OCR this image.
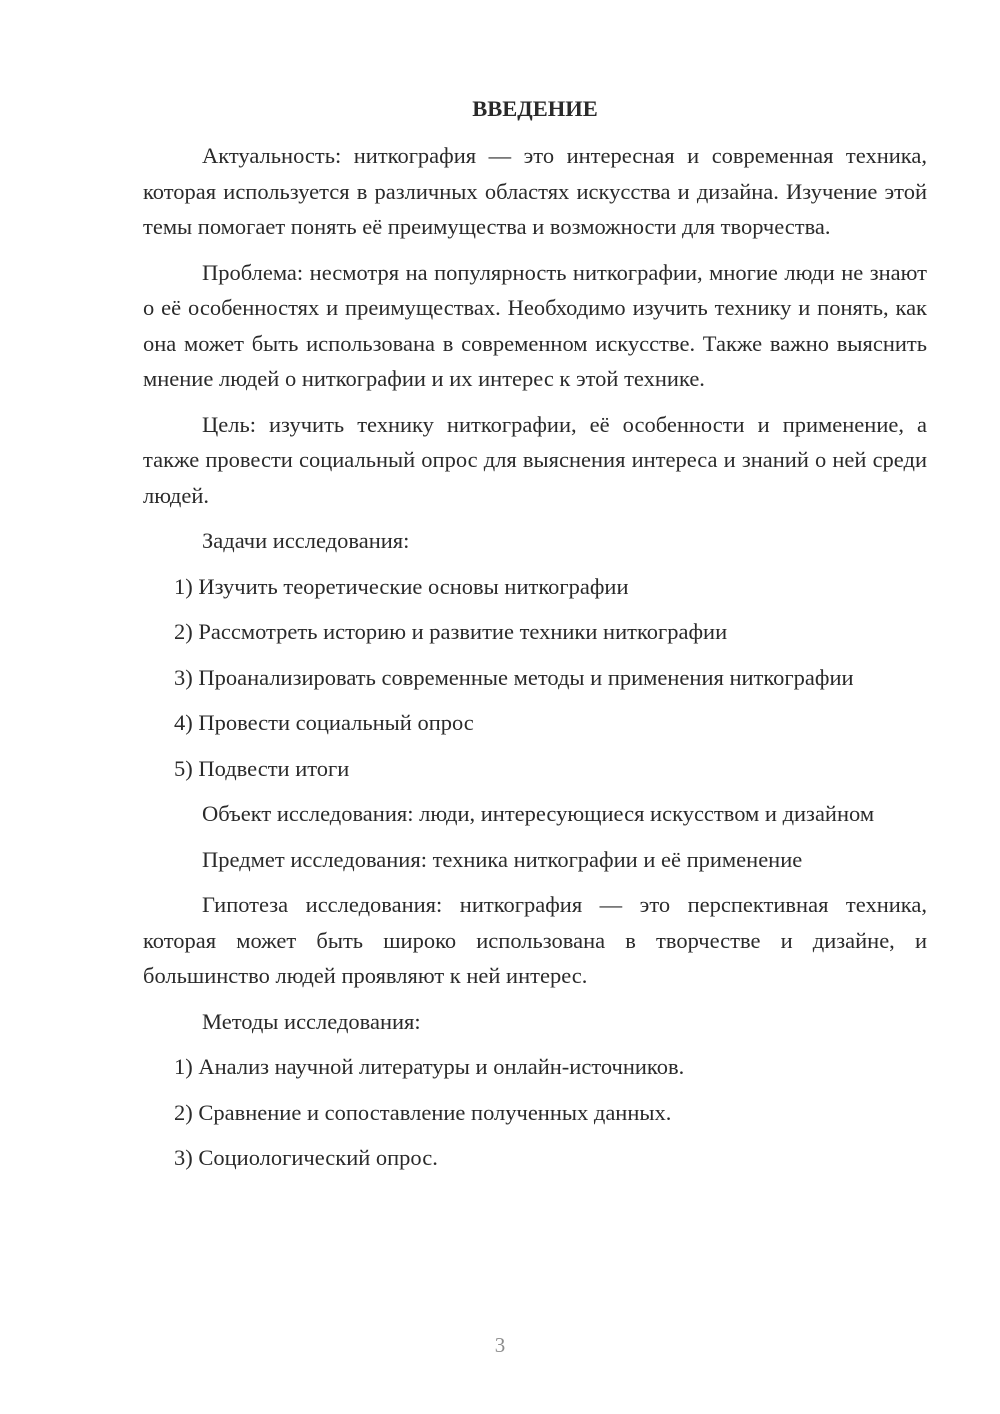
ВВЕДЕНИЕ

Актуальность: ниткография — это интересная и современная техника, которая используется в различных областях искусства и дизайна. Изучение этой темы помогает понять её преимущества и возможности для творчества.

Проблема: несмотря на популярность ниткографии, многие люди не знают о её особенностях и преимуществах. Необходимо изучить технику и понять, как она может быть использована в современном искусстве. Также важно выяснить мнение людей о ниткографии и их интерес к этой технике.

Цель: изучить технику ниткографии, её особенности и применение, а также провести социальный опрос для выяснения интереса и знаний о ней среди людей.

Задачи исследования:

1) Изучить теоретические основы ниткографии

2) Рассмотреть историю и развитие техники ниткографии

3) Проанализировать современные методы и применения ниткографии

4) Провести социальный опрос

5) Подвести итоги

Объект исследования: люди, интересующиеся искусством и дизайном

Предмет исследования: техника ниткографии и её применение

Гипотеза исследования: ниткография — это перспективная техника, которая может быть широко использована в творчестве и дизайне, и большинство людей проявляют к ней интерес.

Методы исследования:

1) Анализ научной литературы и онлайн-источников.

2) Сравнение и сопоставление полученных данных.

3) Социологический опрос.

3
